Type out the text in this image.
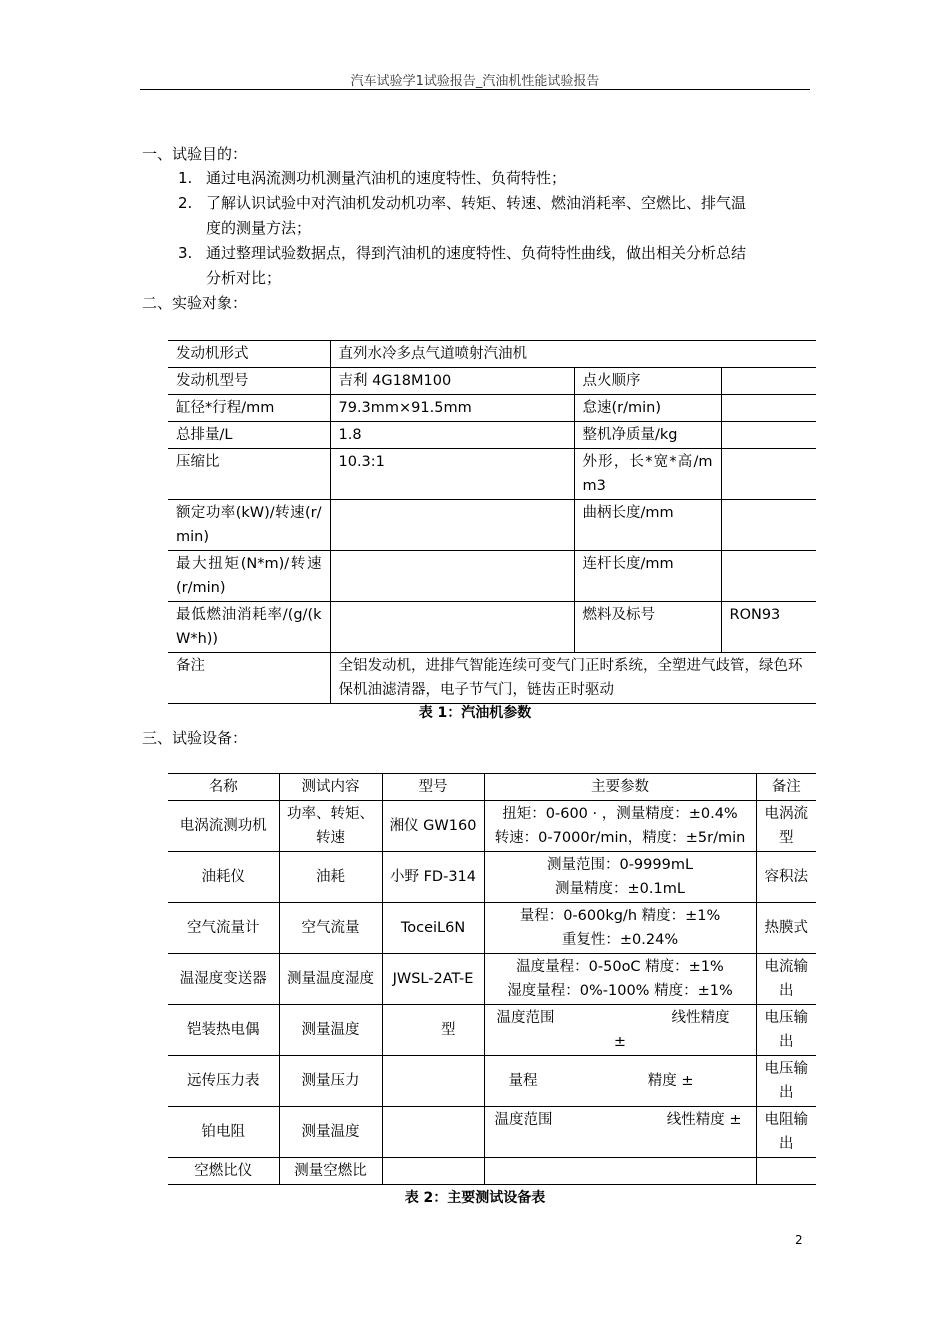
汽车试验学1试验报告_汽油机性能试验报告
一、试验目的：
1. 通过电涡流测功机测量汽油机的速度特性、负荷特性；
2. 了解认识试验中对汽油机发动机功率、转矩、转速、燃油消耗率、空燃比、排气温
度的测量方法；
3. 通过整理试验数据点，得到汽油机的速度特性、负荷特性曲线，做出相关分析总结
分析对比；
二、实验对象：
发动机形式	直列水冷多点气道喷射汽油机		
发动机型号	吉利 4G18M100	点火顺序	
缸径*行程/mm	79.3mm×91.5mm	怠速(r/min)	
总排量/L	1.8	整机净质量/kg	
压缩比	10.3:1	外形，长*宽*高/mm3	
额定功率(kW)/转速(r/min)		曲柄长度/mm	
最大扭矩(N*m)/转速(r/min)		连杆长度/mm	
最低燃油消耗率/(g/(kW*h))		燃料及标号	RON93
备注	全铝发动机，进排气智能连续可变气门正时系统，全塑进气歧管，绿色环保机油滤清器，电子节气门，链齿正时驱动		
表 1：汽油机参数
三、试验设备：
名称	测试内容	型号	主要参数	备注
电涡流测功机	功率、转矩、转速	湘仪 GW160	扭矩：0-600 · ，测量精度：±0.4%
转速：0-7000r/min，精度：±5r/min	电涡流型
油耗仪	油耗	小野 FD-314	测量范围：0-9999mL
测量精度：±0.1mL	容积法
空气流量计	空气流量	ToceiL6N	量程：0-600kg/h 精度：±1%
重复性：±0.24%	热膜式
温湿度变送器	测量温度湿度	JWSL-2AT-E	温度量程：0-50oC 精度：±1%
湿度量程：0%-100% 精度：±1%	电流输出
铠装热电偶	测量温度	型	温度范围 线性精度
±	电压输出
远传压力表	测量压力		量程 精度 ±	电压输出
铂电阻	测量温度		温度范围 线性精度 ±	电阻输出
空燃比仪	测量空燃比			
表 2：主要测试设备表
2
